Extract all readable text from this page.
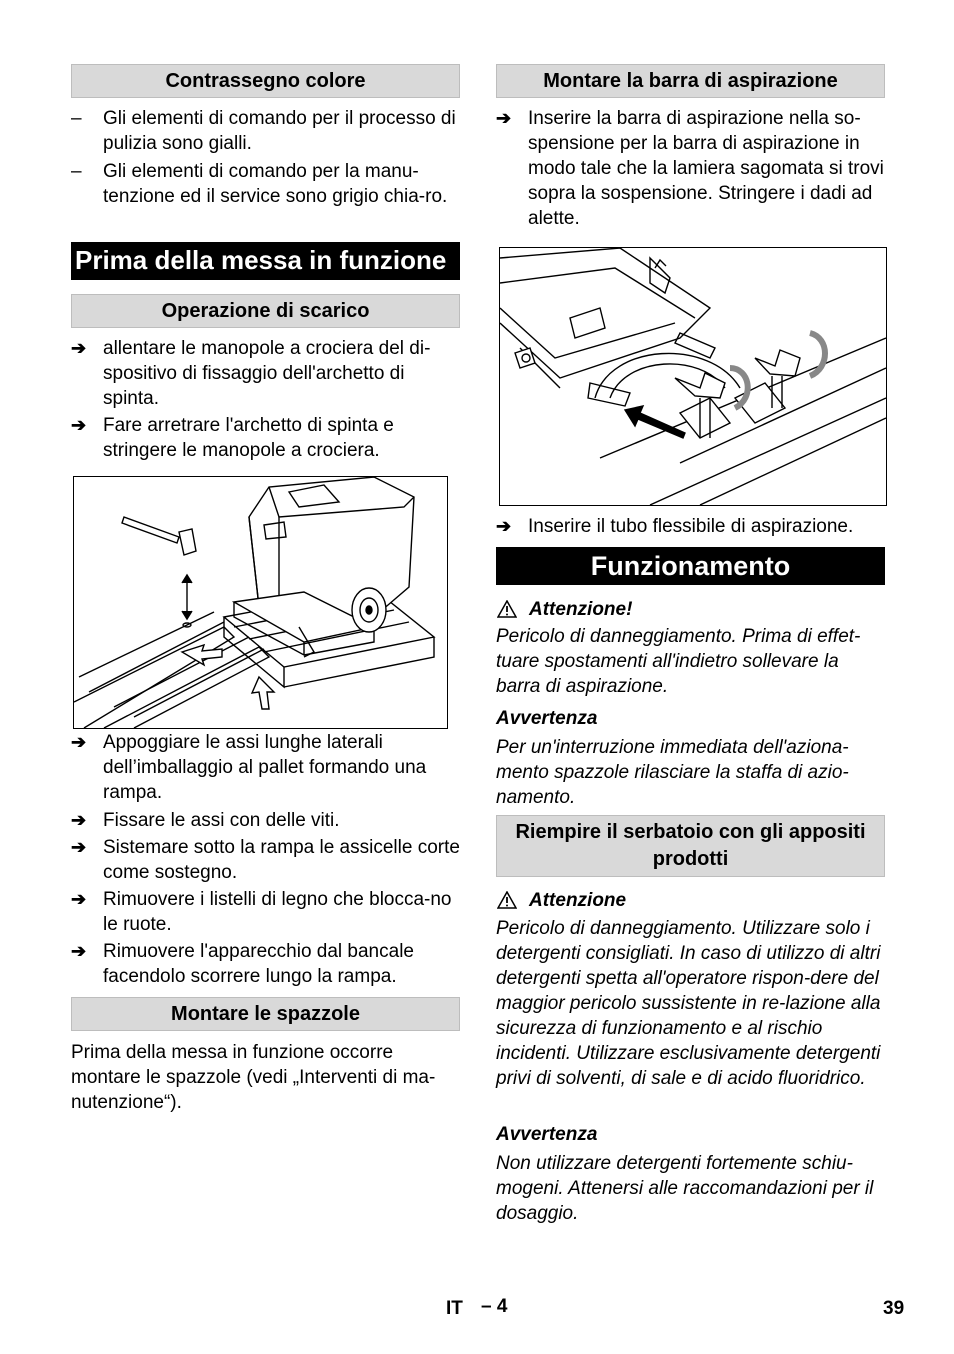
Contrassegno colore
–	Gli elementi di comando per il processo di pulizia sono gialli.
–	Gli elementi di comando per la manu-tenzione ed il service sono grigio chia-ro.
Prima della messa in funzione
Operazione di scarico
➔ allentare le manopole a crociera del di-spositivo di fissaggio dell'archetto di spinta.
➔ Fare arretrare l'archetto di spinta e stringere le manopole a crociera.
➔ Appoggiare le assi lunghe laterali dell’imballaggio al pallet formando una rampa.
➔ Fissare le assi con delle viti.
➔ Sistemare sotto la rampa le assicelle corte come sostegno.
➔ Rimuovere i listelli di legno che blocca-no le ruote.
➔ Rimuovere l'apparecchio dal bancale facendolo scorrere lungo la rampa.
Montare le spazzole
Prima della messa in funzione occorre montare le spazzole (vedi „Interventi di ma-nutenzione“).
Montare la barra di aspirazione
➔ Inserire la barra di aspirazione nella so-spensione per la barra di aspirazione in modo tale che la lamiera sagomata si trovi sopra la sospensione. Stringere i dadi ad alette.
➔ Inserire il tubo flessibile di aspirazione.
Funzionamento
Attenzione!
Pericolo di danneggiamento. Prima di effet-tuare spostamenti all'indietro sollevare la barra di aspirazione.
Avvertenza
Per un'interruzione immediata dell'aziona-mento spazzole rilasciare la staffa di azio-namento.
Riempire il serbatoio con gli appositi prodotti
Attenzione
Pericolo di danneggiamento. Utilizzare solo i detergenti consigliati. In caso di utilizzo di altri detergenti spetta all'operatore rispon-dere del maggior pericolo sussistente in re-lazione alla sicurezza di funzionamento e al rischio incidenti. Utilizzare esclusivamente detergenti privi di solventi, di sale e di acido fluoridrico.
Avvertenza
Non utilizzare detergenti fortemente schiu-mogeni. Attenersi alle raccomandazioni per il dosaggio.
IT – 4	39
